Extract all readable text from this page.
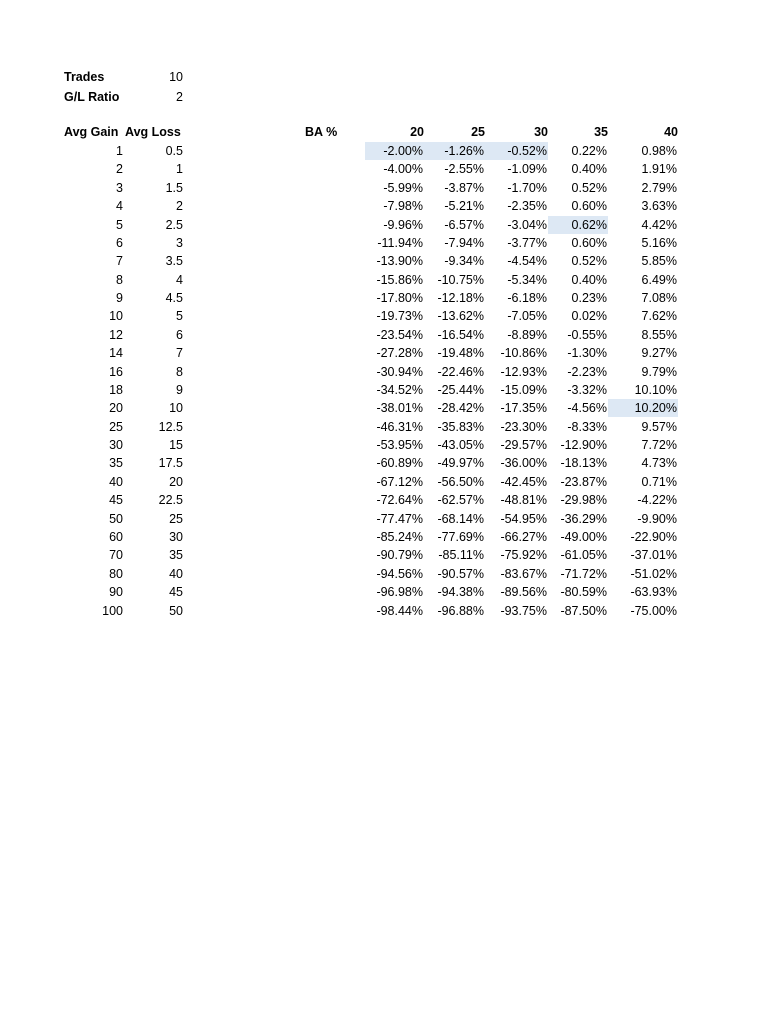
Trades	10
G/L Ratio	2
Avg Gain Avg Loss	BA %	20	25	30	35	40
1	0.5	-2.00%	-1.26%	-0.52%	0.22%	0.98%
2	1	-4.00%	-2.55%	-1.09%	0.40%	1.91%
3	1.5	-5.99%	-3.87%	-1.70%	0.52%	2.79%
4	2	-7.98%	-5.21%	-2.35%	0.60%	3.63%
5	2.5	-9.96%	-6.57%	-3.04%	0.62%	4.42%
6	3	-11.94%	-7.94%	-3.77%	0.60%	5.16%
7	3.5	-13.90%	-9.34%	-4.54%	0.52%	5.85%
8	4	-15.86%	-10.75%	-5.34%	0.40%	6.49%
9	4.5	-17.80%	-12.18%	-6.18%	0.23%	7.08%
10	5	-19.73%	-13.62%	-7.05%	0.02%	7.62%
12	6	-23.54%	-16.54%	-8.89%	-0.55%	8.55%
14	7	-27.28%	-19.48%	-10.86%	-1.30%	9.27%
16	8	-30.94%	-22.46%	-12.93%	-2.23%	9.79%
18	9	-34.52%	-25.44%	-15.09%	-3.32%	10.10%
20	10	-38.01%	-28.42%	-17.35%	-4.56%	10.20%
25	12.5	-46.31%	-35.83%	-23.30%	-8.33%	9.57%
30	15	-53.95%	-43.05%	-29.57%	-12.90%	7.72%
35	17.5	-60.89%	-49.97%	-36.00%	-18.13%	4.73%
40	20	-67.12%	-56.50%	-42.45%	-23.87%	0.71%
45	22.5	-72.64%	-62.57%	-48.81%	-29.98%	-4.22%
50	25	-77.47%	-68.14%	-54.95%	-36.29%	-9.90%
60	30	-85.24%	-77.69%	-66.27%	-49.00%	-22.90%
70	35	-90.79%	-85.11%	-75.92%	-61.05%	-37.01%
80	40	-94.56%	-90.57%	-83.67%	-71.72%	-51.02%
90	45	-96.98%	-94.38%	-89.56%	-80.59%	-63.93%
100	50	-98.44%	-96.88%	-93.75%	-87.50%	-75.00%
